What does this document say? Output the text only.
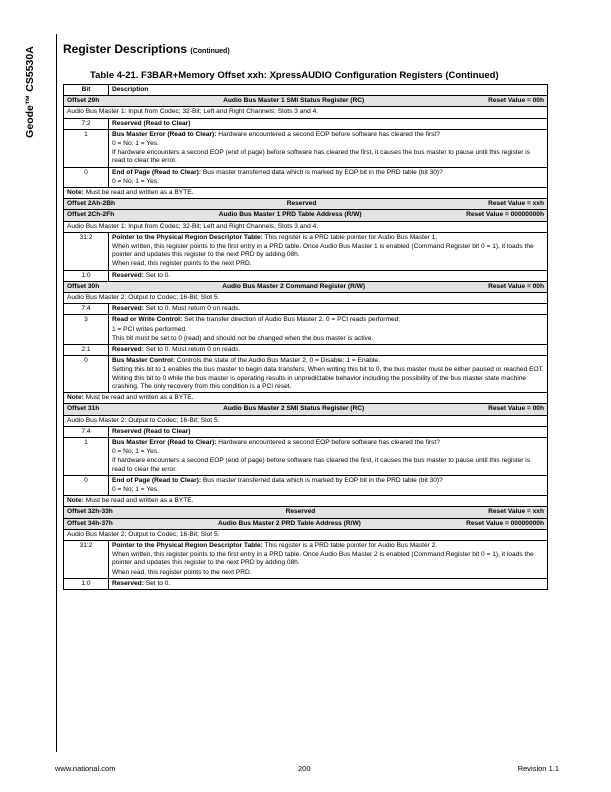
Geode™ CS5530A Register Descriptions (Continued)
Table 4-21. F3BAR+Memory Offset xxh: XpressAUDIO Configuration Registers (Continued)
Bit	Description

Offset 29h Audio Bus Master 1 SMI Status Register (RC) Reset Value = 00h	

Audio Bus Master 1: Input from Codec; 32-Bit; Left and Right Channels; Slots 3 and 4.	
7:2	Reserved (Read to Clear)

1	Bus Master Error (Read to Clear): Hardware encountered a second EOP before software has cleared the first?

0 = No; 1 = Yes.

If hardware encounters a second EOP (end of page) before software has cleared the first, it causes the bus master to pause until this register is read to clear the error.

0	End of Page (Read to Clear): Bus master transferred data which is marked by EOP bit in the PRD table (bit 30)?

0 = No; 1 = Yes.

Note: Must be read and written as a BYTE.	

Offset 2Ah-2Bh Reserved Reset Value = xxh	

Offset 2Ch-2Fh Audio Bus Master 1 PRD Table Address (R/W) Reset Value = 00000000h	

Audio Bus Master 1: Input from Codec; 32-Bit; Left and Right Channels; Slots 3 and 4.	
31:2	Pointer to the Physical Region Descriptor Table: This register is a PRD table pointer for Audio Bus Master 1.

When written, this register points to the first entry in a PRD table. Once Audio Bus Master 1 is enabled (Command Register bit 0 = 1), it loads the pointer and updates this register to the next PRD by adding 08h.

When read, this register points to the next PRD.

1:0	Reserved: Set to 0.

Offset 30h Audio Bus Master 2 Command Register (R/W) Reset Value = 00h	

Audio Bus Master 2: Output to Codec; 16-Bit; Slot 5.	
7:4	Reserved: Set to 0. Must return 0 on reads.

3	Read or Write Control: Set the transfer direction of Audio Bus Master 2. 0 = PCI reads performed;

1 = PCI writes performed.

This bit must be set to 0 (read) and should not be changed when the bus master is active.

2:1	Reserved: Set to 0. Must return 0 on reads.

0	Bus Master Control: Controls the state of the Audio Bus Master 2. 0 = Disable; 1 = Enable.

Setting this bit to 1 enables the bus master to begin data transfers. When writing this bit to 0, the bus master must be either paused or reached EOT. Writing this bit to 0 while the bus master is operating results in unpredictable behavior including the possibility of the bus master state machine crashing. The only recovery from this condition is a PCI reset.

Note: Must be read and written as a BYTE.	

Offset 31h Audio Bus Master 2 SMI Status Register (RC) Reset Value = 00h	

Audio Bus Master 2: Output to Codec; 16-Bit; Slot 5.	
7:4	Reserved (Read to Clear)

1	Bus Master Error (Read to Clear): Hardware encountered a second EOP before software has cleared the first?

0 = No; 1 = Yes.

If hardware encounters a second EOP (end of page) before software has cleared the first, it causes the bus master to pause until this register is read to clear the error.

0	End of Page (Read to Clear): Bus master transferred data which is marked by EOP bit in the PRD table (bit 30)?

0 = No; 1 = Yes.

Note: Must be read and written as a BYTE.	

Offset 32h-33h Reserved Reset Value = xxh	

Offset 34h-37h Audio Bus Master 2 PRD Table Address (R/W) Reset Value = 00000000h	

Audio Bus Master 2: Output to Codec; 16-Bit; Slot 5.	
31:2	Pointer to the Physical Region Descriptor Table: This register is a PRD table pointer for Audio Bus Master 2.

When written, this register points to the first entry in a PRD table. Once Audio Bus Master 2 is enabled (Command Register bit 0 = 1), it loads the pointer and updates this register to the next PRD by adding 08h.

When read, this register points to the next PRD.

1:0	Reserved: Set to 0.

www.national.com	200	Revision 1.1
